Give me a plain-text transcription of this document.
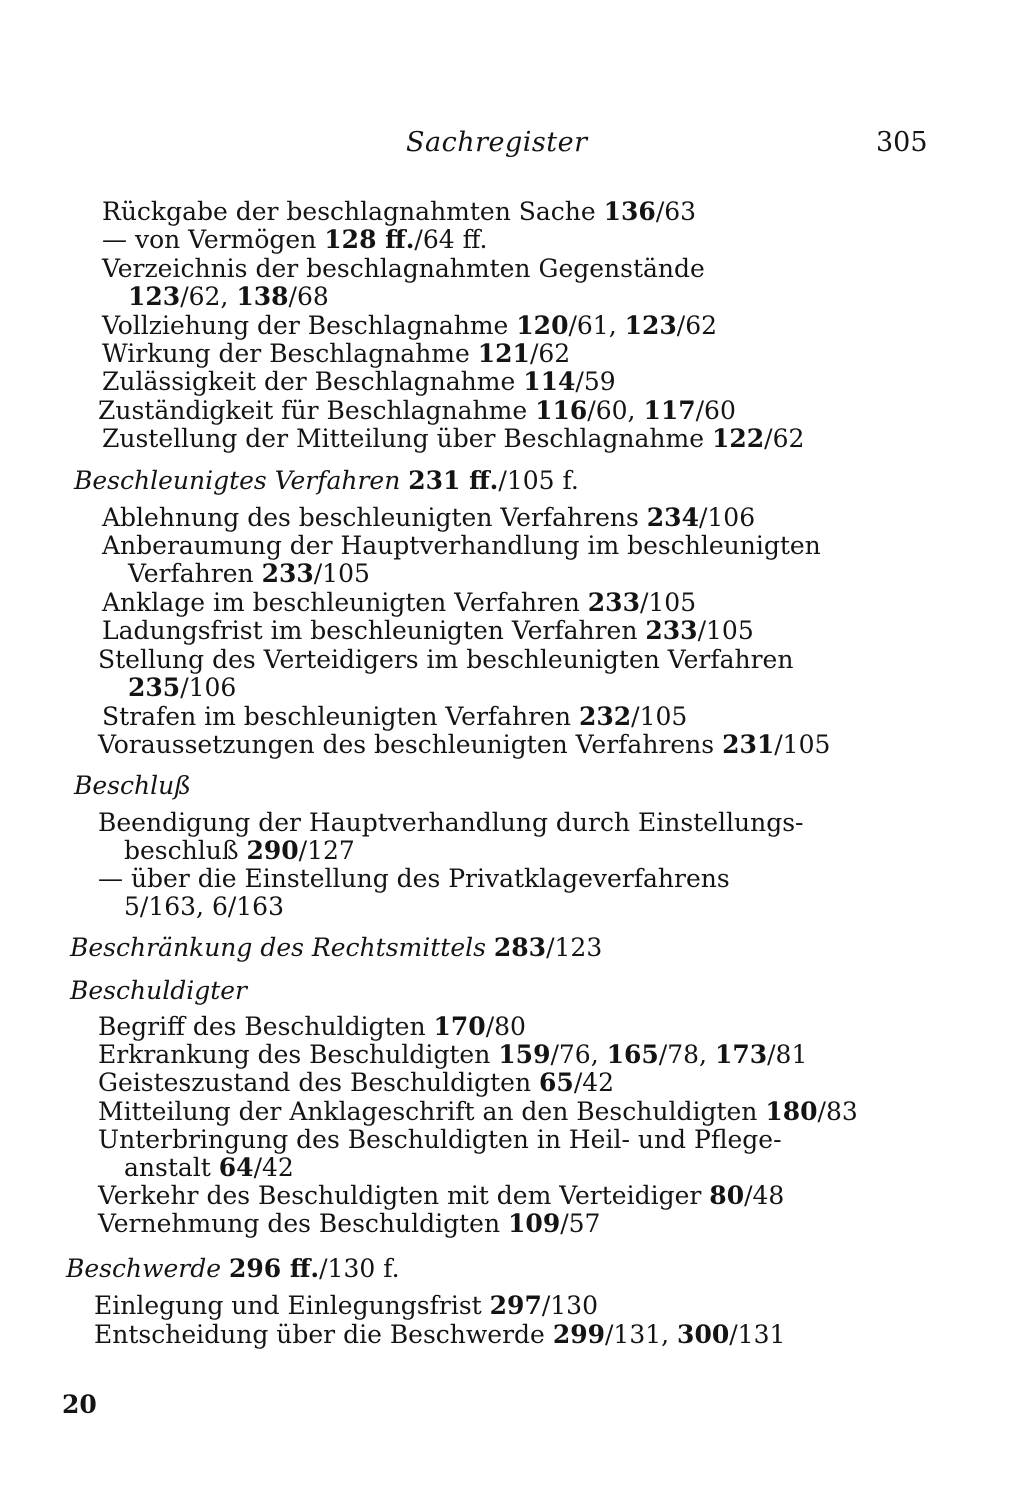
Sachregister	305
Rückgabe der beschlagnahmten Sache 136/63
— von Vermögen 128 ff./64 ff.
Verzeichnis der beschlagnahmten Gegenstände
123/62, 138/68
Vollziehung der Beschlagnahme 120/61, 123/62
Wirkung der Beschlagnahme 121/62
Zulässigkeit der Beschlagnahme 114/59
Zuständigkeit für Beschlagnahme 116/60, 117/60
Zustellung der Mitteilung über Beschlagnahme 122/62
Beschleunigtes Verfahren 231 ff./105 f.
Ablehnung des beschleunigten Verfahrens 234/106
Anberaumung der Hauptverhandlung im beschleunigten
Verfahren 233/105
Anklage im beschleunigten Verfahren 233/105
Ladungsfrist im beschleunigten Verfahren 233/105
Stellung des Verteidigers im beschleunigten Verfahren
235/106
Strafen im beschleunigten Verfahren 232/105
Voraussetzungen des beschleunigten Verfahrens 231/105
Beschluß
Beendigung der Hauptverhandlung durch Einstellungs-
beschluß 290/127
— über die Einstellung des Privatklageverfahrens
5/163, 6/163
Beschränkung des Rechtsmittels 283/123
Beschuldigter
Begriff des Beschuldigten 170/80
Erkrankung des Beschuldigten 159/76, 165/78, 173/81
Geisteszustand des Beschuldigten 65/42
Mitteilung der Anklageschrift an den Beschuldigten 180/83
Unterbringung des Beschuldigten in Heil- und Pflege-
anstalt 64/42
Verkehr des Beschuldigten mit dem Verteidiger 80/48
Vernehmung des Beschuldigten 109/57
Beschwerde 296 ff./130 f.
Einlegung und Einlegungsfrist 297/130
Entscheidung über die Beschwerde 299/131, 300/131
20
